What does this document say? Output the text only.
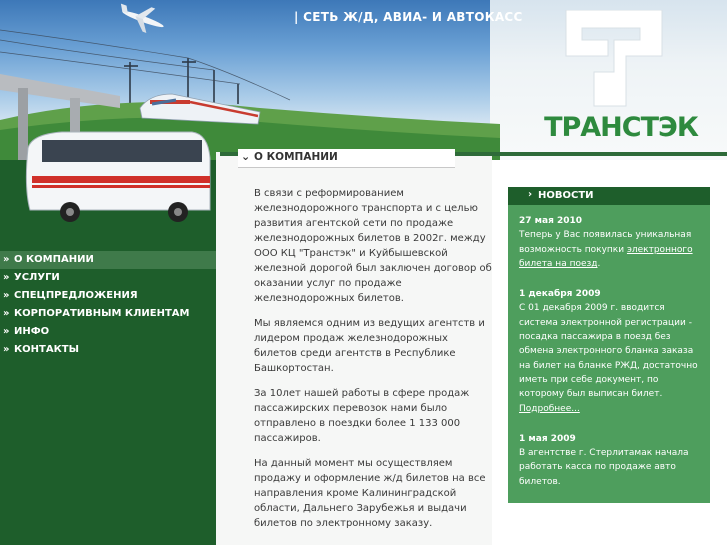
| СЕТЬ Ж/Д, АВИА- И АВТОКАСС
ТРАНСТЭК
» О КОМПАНИИ
» УСЛУГИ
» СПЕЦПРЕДЛОЖЕНИЯ
» КОРПОРАТИВНЫМ КЛИЕНТАМ
» ИНФО
» КОНТАКТЫ
⌄ О КОМПАНИИ

В связи с реформированием железнодорожного транспорта и с целью развития агентской сети по продаже железнодорожных билетов в 2002г. между ООО КЦ "Транстэк" и Куйбышевской железной дорогой был заключен договор об оказании услуг по продаже железнодорожных билетов.

Мы являемся одним из ведущих агентств и лидером продаж железнодорожных билетов среди агентств в Республике Башкортостан.

За 10лет нашей работы в сфере продаж пассажирских перевозок нами было отправлено в поездки более 1 133 000 пассажиров.

На данный момент мы осуществляем продажу и оформление ж/д билетов на все направления кроме Калининградской области, Дальнего Зарубежья и выдачи билетов по электронному заказу.

› НОВОСТИ
27 мая 2010
Теперь у Вас появилась уникальная возможность покупки электронного билета на поезд.
1 декабря 2009
С 01 декабря 2009 г. вводится система электронной регистрации - посадка пассажира в поезд без обмена электронного бланка заказа на билет на бланке РЖД, достаточно иметь при себе документ, по которому был выписан билет.
Подробнее...
1 мая 2009
В агентстве г. Стерлитамак начала работать касса по продаже авто билетов.
